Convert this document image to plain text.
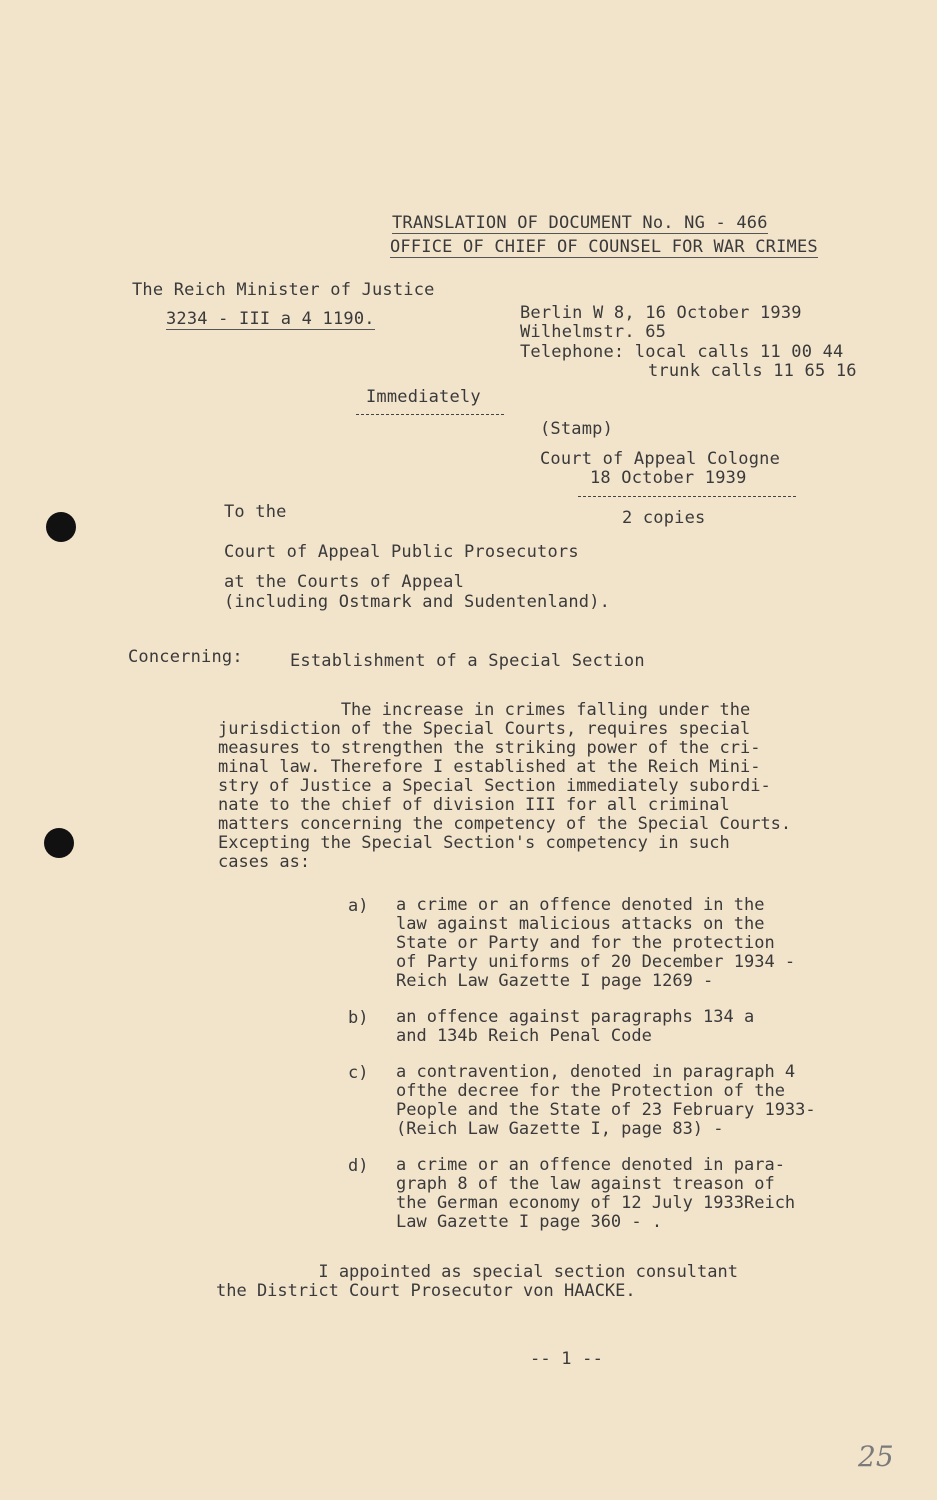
TRANSLATION OF DOCUMENT No. NG - 466
OFFICE OF CHIEF OF COUNSEL FOR WAR CRIMES
The Reich Minister of Justice
3234 - III a 4 1190.	Berlin W 8, 16 October 1939
Wilhelmstr. 65
Telephone: local calls 11 00 44
trunk calls 11 65 16
Immediately
(Stamp)
Court of Appeal Cologne
18 October 1939
2 copies
To the
Court of Appeal Public Prosecutors
at the Courts of Appeal
(including Ostmark and Sudentenland).
Concerning:	Establishment of a Special Section
The increase in crimes falling under the
jurisdiction of the Special Courts, requires special
measures to strengthen the striking power of the cri-
minal law. Therefore I established at the Reich Mini-
stry of Justice a Special Section immediately subordi-
nate to the chief of division III for all criminal
matters concerning the competency of the Special Courts.
Excepting the Special Section's competency in such
cases as:
a) a crime or an offence denoted in the
law against malicious attacks on the
State or Party and for the protection
of Party uniforms of 20 December 1934 -
Reich Law Gazette I page 1269 -
b) an offence against paragraphs 134 a
and 134b Reich Penal Code
c) a contravention, denoted in paragraph 4
ofthe decree for the Protection of the
People and the State of 23 February 1933-
(Reich Law Gazette I, page 83) -
d) a crime or an offence denoted in para-
graph 8 of the law against treason of
the German economy of 12 July 1933Reich
Law Gazette I page 360 - .
I appointed as special section consultant
the District Court Prosecutor von HAACKE.
-- 1 --
25
